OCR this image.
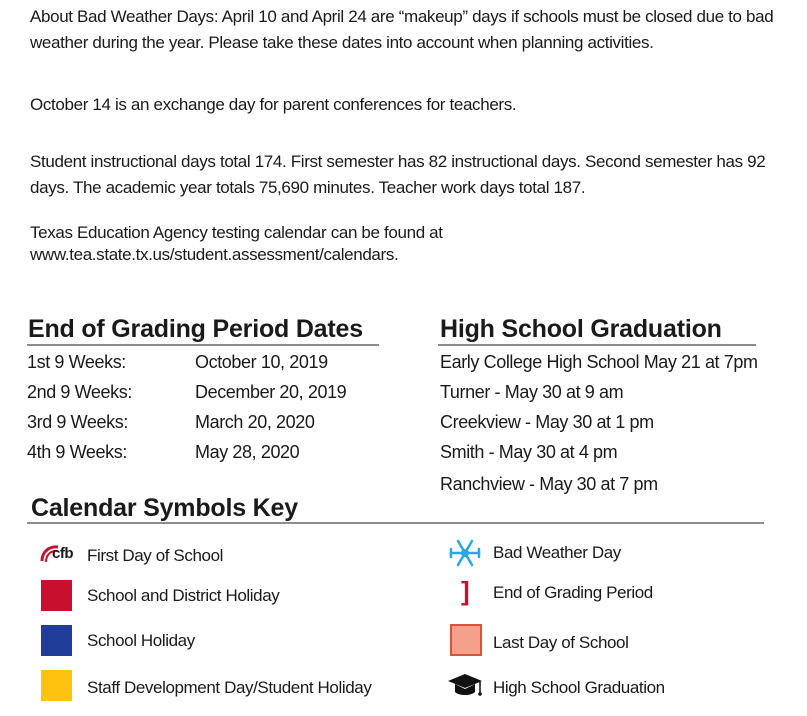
About Bad Weather Days: April 10 and April 24 are “makeup” days if schools must be closed due to bad
weather during the year. Please take these dates into account when planning activities.
October 14 is an exchange day for parent conferences for teachers.
Student instructional days total 174. First semester has 82 instructional days. Second semester has 92
days. The academic year totals 75,690 minutes. Teacher work days total 187.
Texas Education Agency testing calendar can be found at
www.tea.state.tx.us/student.assessment/calendars.
End of Grading Period Dates
1st 9 Weeks:	October 10, 2019
2nd 9 Weeks:	December 20, 2019
3rd 9 Weeks:	March 20, 2020
4th 9 Weeks:	May 28, 2020
High School Graduation
Early College High School May 21 at 7pm
Turner - May 30 at 9 am
Creekview - May 30 at 1 pm
Smith - May 30 at 4 pm
Ranchview - May 30 at 7 pm
Calendar Symbols Key
cfb First Day of School
School and District Holiday
School Holiday
Staff Development Day/Student Holiday
Bad Weather Day
] End of Grading Period
Last Day of School
High School Graduation
